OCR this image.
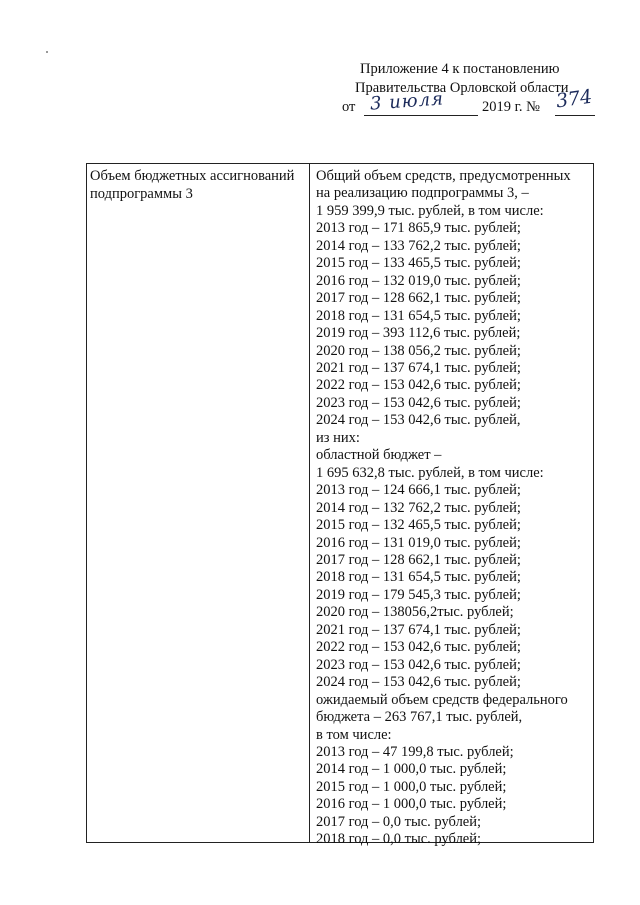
Приложение 4 к постановлению
Правительства Орловской области
от 3 июля	2019 г. № 374
Объем бюджетных ассигнований подпрограммы 3
Общий объем средств, предусмотренных
на реализацию подпрограммы 3, –
1 959 399,9 тыс. рублей, в том числе:
2013 год – 171 865,9 тыс. рублей;
2014 год – 133 762,2 тыс. рублей;
2015 год – 133 465,5 тыс. рублей;
2016 год – 132 019,0 тыс. рублей;
2017 год – 128 662,1 тыс. рублей;
2018 год – 131 654,5 тыс. рублей;
2019 год – 393 112,6 тыс. рублей;
2020 год – 138 056,2 тыс. рублей;
2021 год – 137 674,1 тыс. рублей;
2022 год – 153 042,6 тыс. рублей;
2023 год – 153 042,6 тыс. рублей;
2024 год – 153 042,6 тыс. рублей,
из них:
областной бюджет –
1 695 632,8 тыс. рублей, в том числе:
2013 год – 124 666,1 тыс. рублей;
2014 год – 132 762,2 тыс. рублей;
2015 год – 132 465,5 тыс. рублей;
2016 год – 131 019,0 тыс. рублей;
2017 год – 128 662,1 тыс. рублей;
2018 год – 131 654,5 тыс. рублей;
2019 год – 179 545,3 тыс. рублей;
2020 год – 138056,2тыс. рублей;
2021 год – 137 674,1 тыс. рублей;
2022 год – 153 042,6 тыс. рублей;
2023 год – 153 042,6 тыс. рублей;
2024 год – 153 042,6 тыс. рублей;
ожидаемый объем средств федерального
бюджета – 263 767,1 тыс. рублей,
в том числе:
2013 год – 47 199,8 тыс. рублей;
2014 год – 1 000,0 тыс. рублей;
2015 год – 1 000,0 тыс. рублей;
2016 год – 1 000,0 тыс. рублей;
2017 год – 0,0 тыс. рублей;
2018 год – 0,0 тыс. рублей;
